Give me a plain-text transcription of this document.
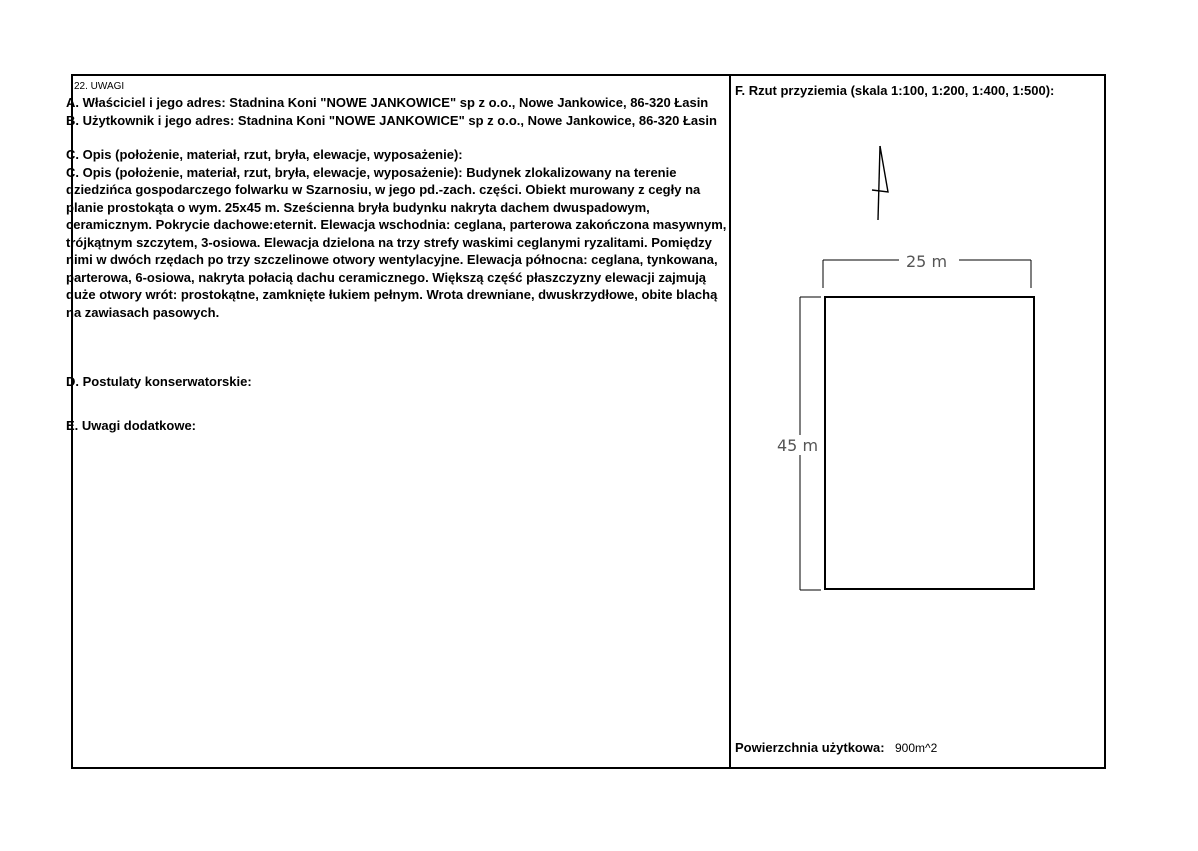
22. UWAGI

A. Właściciel i jego adres: Stadnina Koni "NOWE JANKOWICE" sp z o.o., Nowe Jankowice, 86-320 Łasin

B. Użytkownik i jego adres: Stadnina Koni "NOWE JANKOWICE" sp z o.o., Nowe Jankowice, 86-320 Łasin

C. Opis (położenie, materiał, rzut, bryła, elewacje, wyposażenie):

C. Opis (położenie, materiał, rzut, bryła, elewacje, wyposażenie): Budynek zlokalizowany na terenie dziedzińca gospodarczego folwarku w Szarnosiu, w jego pd.-zach. części. Obiekt murowany z cegły na planie prostokąta o wym. 25x45 m. Sześcienna bryła budynku nakryta dachem dwuspadowym, ceramicznym. Pokrycie dachowe:eternit. Elewacja wschodnia: ceglana, parterowa zakończona masywnym, trójkątnym szczytem, 3-osiowa. Elewacja dzielona na trzy strefy waskimi ceglanymi ryzalitami. Pomiędzy nimi w dwóch rzędach po trzy szczelinowe otwory wentylacyjne. Elewacja północna: ceglana, tynkowana, parterowa, 6-osiowa, nakryta połacią dachu ceramicznego. Większą część płaszczyzny elewacji zajmują duże otwory wrót: prostokątne, zamknięte łukiem pełnym. Wrota drewniane, dwuskrzydłowe, obite blachą na zawiasach pasowych.

D. Postulaty konserwatorskie:

E. Uwagi dodatkowe:

F. Rzut przyziemia (skala 1:100, 1:200, 1:400, 1:500):
25 m
45 m
Powierzchnia użytkowa: 900m^2
